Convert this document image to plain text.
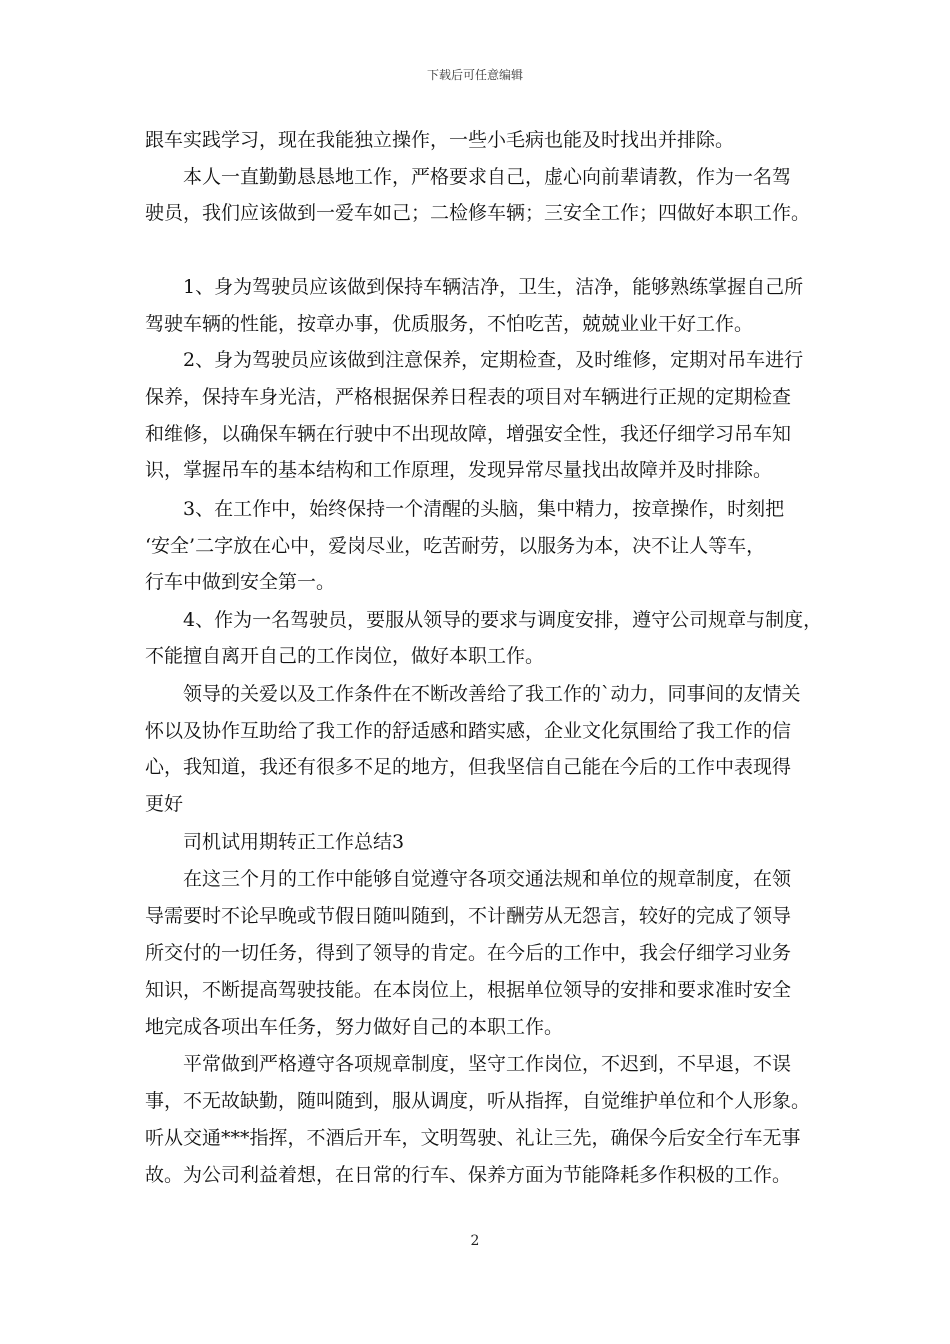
下载后可任意编辑
跟车实践学习，现在我能独立操作，一些小毛病也能及时找出并排除。
本人一直勤勤恳恳地工作，严格要求自己，虚心向前辈请教，作为一名驾
驶员，我们应该做到一爱车如己；二检修车辆；三安全工作；四做好本职工作。
1、身为驾驶员应该做到保持车辆洁净，卫生，洁净，能够熟练掌握自己所
驾驶车辆的性能，按章办事，优质服务，不怕吃苦，兢兢业业干好工作。
2、身为驾驶员应该做到注意保养，定期检查，及时维修，定期对吊车进行
保养，保持车身光洁，严格根据保养日程表的项目对车辆进行正规的定期检查
和维修，以确保车辆在行驶中不出现故障，增强安全性，我还仔细学习吊车知
识，掌握吊车的基本结构和工作原理，发现异常尽量找出故障并及时排除。
3、在工作中，始终保持一个清醒的头脑，集中精力，按章操作，时刻把
‘安全’二字放在心中，爱岗尽业，吃苦耐劳，以服务为本，决不让人等车，
行车中做到安全第一。
4、作为一名驾驶员，要服从领导的要求与调度安排，遵守公司规章与制度，
不能擅自离开自己的工作岗位，做好本职工作。
领导的关爱以及工作条件在不断改善给了我工作的`动力，同事间的友情关
怀以及协作互助给了我工作的舒适感和踏实感，企业文化氛围给了我工作的信
心，我知道，我还有很多不足的地方，但我坚信自己能在今后的工作中表现得
更好
司机试用期转正工作总结3
在这三个月的工作中能够自觉遵守各项交通法规和单位的规章制度，在领
导需要时不论早晚或节假日随叫随到，不计酬劳从无怨言，较好的完成了领导
所交付的一切任务，得到了领导的肯定。在今后的工作中，我会仔细学习业务
知识，不断提高驾驶技能。在本岗位上，根据单位领导的安排和要求准时安全
地完成各项出车任务，努力做好自己的本职工作。
平常做到严格遵守各项规章制度，坚守工作岗位，不迟到，不早退，不误
事，不无故缺勤，随叫随到，服从调度，听从指挥，自觉维护单位和个人形象。
听从交通***指挥，不酒后开车，文明驾驶、礼让三先，确保今后安全行车无事
故。为公司利益着想，在日常的行车、保养方面为节能降耗多作积极的工作。
2
